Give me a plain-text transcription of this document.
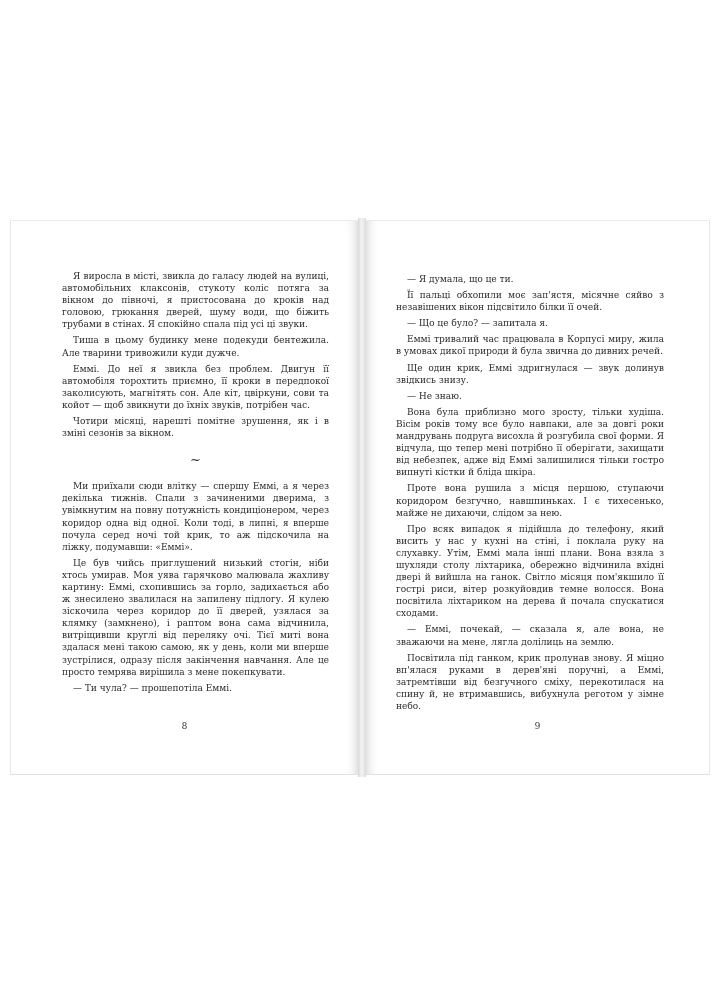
Я виросла в місті, звикла до галасу людей на вулиці, автомобільних клаксонів, стукоту коліс потяга за вікном до півночі, я пристосована до кроків над головою, грюкання дверей, шуму води, що біжить трубами в стінах. Я спокійно спала під усі ці звуки.

Тиша в цьому будинку мене подекуди бентежила. Але тварини тривожили куди дужче.

Еммі. До неї я звикла без проблем. Двигун її автомобіля торохтить приємно, її кроки в передпокої заколисують, магнітять сон. Але кіт, цвіркуни, сови та койот — щоб звикнути до їхніх звуків, потрібен час.

Чотири місяці, нарешті помітне зрушення, як і в зміні сезонів за вікном.

~

Ми приїхали сюди влітку — спершу Еммі, а я через декілька тижнів. Спали з зачиненими дверима, з увімкнутим на повну потужність кондиціонером, через коридор одна від одної. Коли тоді, в липні, я вперше почула серед ночі той крик, то аж підскочила на ліжку, подумавши: «Еммі».

Це був чийсь приглушений низький стогін, ніби хтось умирав. Моя уява гарячково малювала жахливу картину: Еммі, схопившись за горло, задихається або ж знесилено звалилася на запилену підлогу. Я кулею зіскочила через коридор до її дверей, узялася за клямку (замкнено), і раптом вона сама відчинила, витріщивши круглі від переляку очі. Тієї миті вона здалася мені такою самою, як у день, коли ми вперше зустрілися, одразу після закінчення навчання. Але це просто темрява вирішила з мене покепкувати.

— Ти чула? — прошепотіла Еммі.

8

— Я думала, що це ти.

Її пальці обхопили моє зап'ястя, місячне сяйво з незавішених вікон підсвітило білки її очей.

— Що це було? — запитала я.

Еммі тривалий час працювала в Корпусі миру, жила в умовах дикої природи й була звична до дивних речей.

Ще один крик, Еммі здригнулася — звук долинув звідкись знизу.

— Не знаю.

Вона була приблизно мого зросту, тільки худіша. Вісім років тому все було навпаки, але за довгі роки мандрувань подруга висохла й розгубила свої форми. Я відчула, що тепер мені потрібно її оберігати, захищати від небезпек, адже від Еммі залишилися тільки гостро випнуті кістки й бліда шкіра.

Проте вона рушила з місця першою, ступаючи коридором безгучно, навшпиньках. І є тихесенько, майже не дихаючи, слідом за нею.

Про всяк випадок я підійшла до телефону, який висить у нас у кухні на стіні, і поклала руку на слухавку. Утім, Еммі мала інші плани. Вона взяла з шухляди столу ліхтарика, обережно відчинила вхідні двері й вийшла на ганок. Світло місяця пом'якшило її гострі риси, вітер розкуйовдив темне волосся. Вона посвітила ліхтариком на дерева й почала спускатися сходами.

— Еммі, почекай, — сказала я, але вона, не зважаючи на мене, лягла долілиць на землю.

Посвітила під ганком, крик пролунав знову. Я міцно вп'ялася руками в дерев'яні поручні, а Еммі, затремтівши від безгучного сміху, перекотилася на спину й, не втримавшись, вибухнула реготом у зімне небо.

9
